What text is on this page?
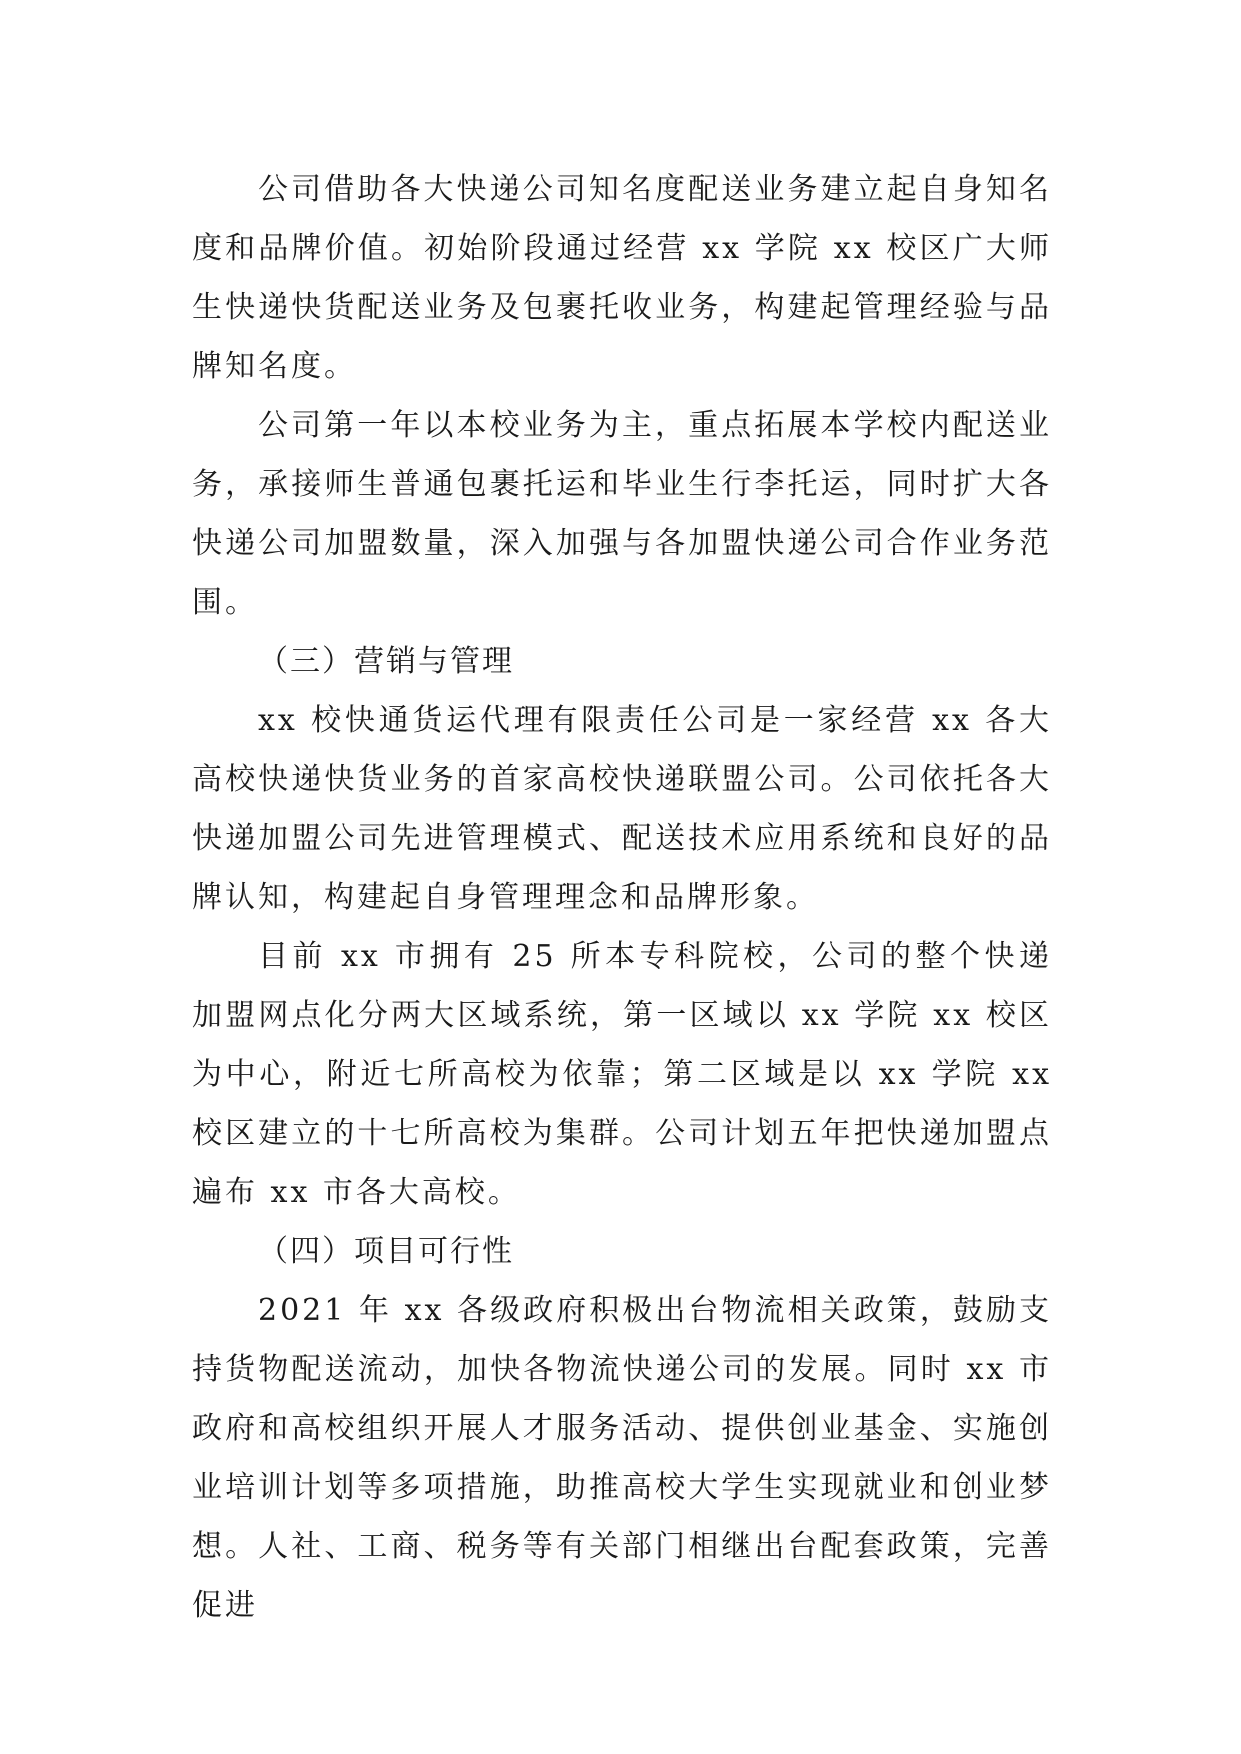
公司借助各大快递公司知名度配送业务建立起自身知名度和品牌价值。初始阶段通过经营 xx 学院 xx 校区广大师生快递快货配送业务及包裹托收业务，构建起管理经验与品牌知名度。

公司第一年以本校业务为主，重点拓展本学校内配送业务，承接师生普通包裹托运和毕业生行李托运，同时扩大各快递公司加盟数量，深入加强与各加盟快递公司合作业务范围。

（三）营销与管理

xx 校快通货运代理有限责任公司是一家经营 xx 各大高校快递快货业务的首家高校快递联盟公司。公司依托各大快递加盟公司先进管理模式、配送技术应用系统和良好的品牌认知，构建起自身管理理念和品牌形象。

目前 xx 市拥有 25 所本专科院校，公司的整个快递加盟网点化分两大区域系统，第一区域以 xx 学院 xx 校区为中心，附近七所高校为依靠；第二区域是以 xx 学院 xx 校区建立的十七所高校为集群。公司计划五年把快递加盟点遍布 xx 市各大高校。

（四）项目可行性

2021 年 xx 各级政府积极出台物流相关政策，鼓励支持货物配送流动，加快各物流快递公司的发展。同时 xx 市政府和高校组织开展人才服务活动、提供创业基金、实施创业培训计划等多项措施，助推高校大学生实现就业和创业梦想。人社、工商、税务等有关部门相继出台配套政策，完善促进
